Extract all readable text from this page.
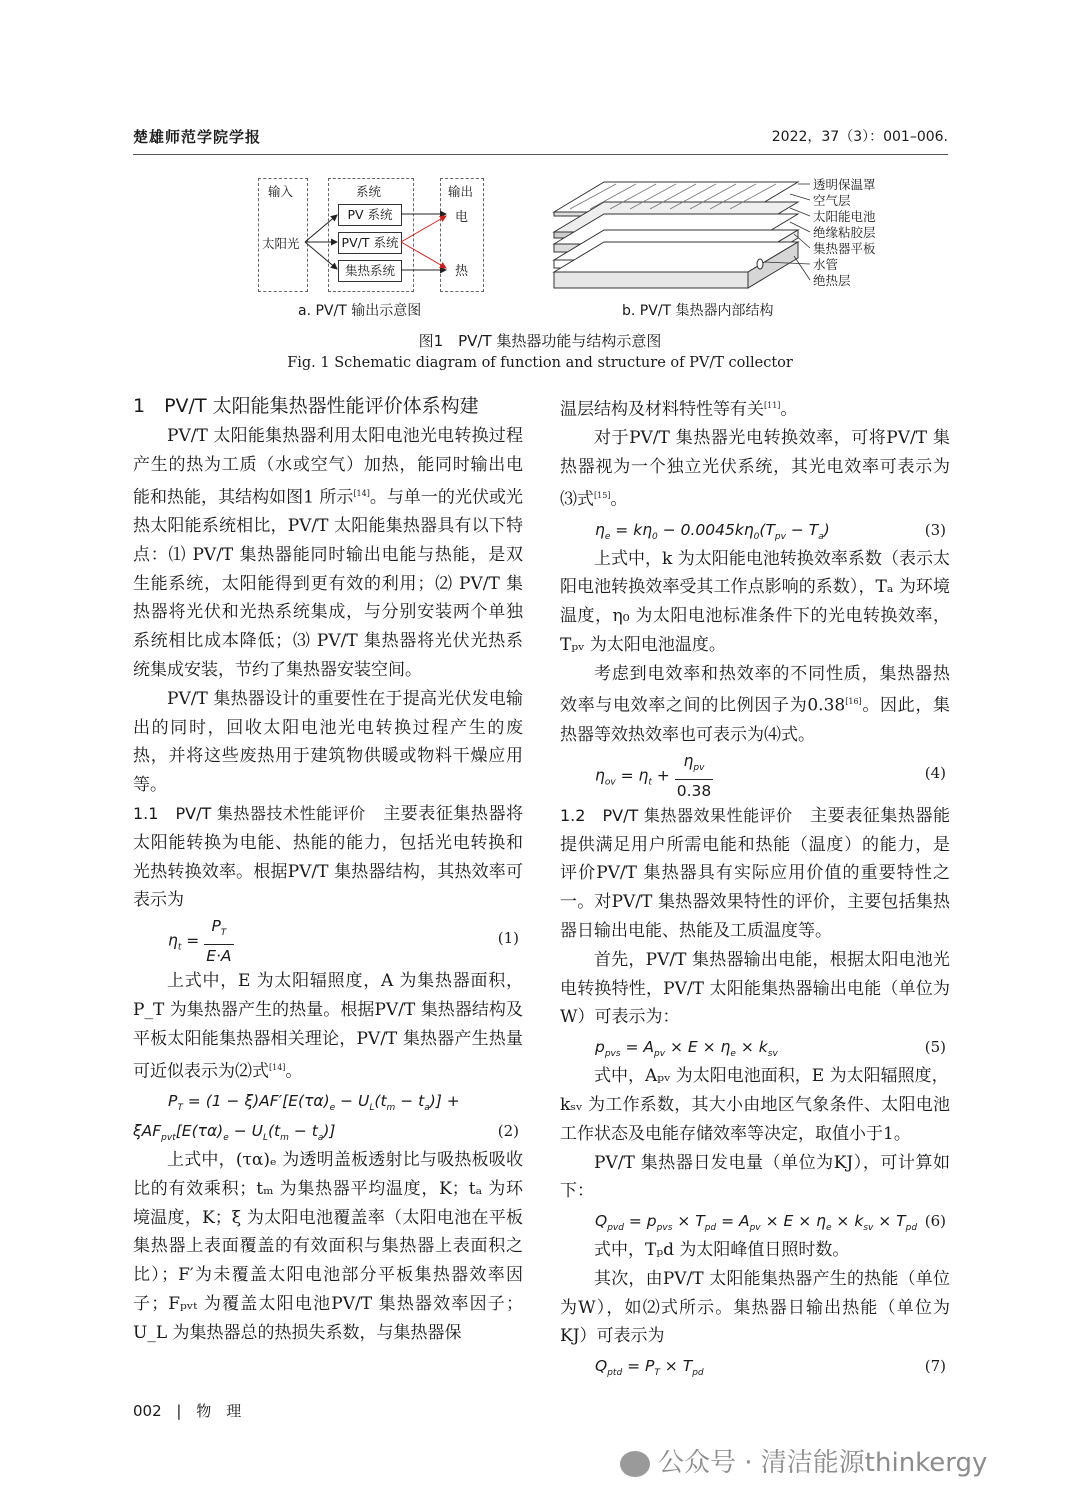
楚雄师范学院学报	2022，37（3）：001–006.
输入	系统	输出
太阳光
PV 系统
PV/T 系统
集热系统
电
热
透明保温罩
空气层
太阳能电池
绝缘粘胶层
集热器平板
水管
绝热层
a. PV/T 输出示意图	b. PV/T 集热器内部结构
图1　PV/T 集热器功能与结构示意图
Fig. 1 Schematic diagram of function and structure of PV/T collector

1　PV/T 太阳能集热器性能评价体系构建

PV/T 太阳能集热器利用太阳电池光电转换过程产生的热为工质（水或空气）加热，能同时输出电能和热能，其结构如图1 所示[14]。与单一的光伏或光热太阳能系统相比，PV/T 太阳能集热器具有以下特点：⑴ PV/T 集热器能同时输出电能与热能，是双生能系统，太阳能得到更有效的利用；⑵ PV/T 集热器将光伏和光热系统集成，与分别安装两个单独系统相比成本降低；⑶ PV/T 集热器将光伏光热系统集成安装，节约了集热器安装空间。

PV/T 集热器设计的重要性在于提高光伏发电输出的同时，回收太阳电池光电转换过程产生的废热，并将这些废热用于建筑物供暖或物料干燥应用等。

1.1　PV/T 集热器技术性能评价　主要表征集热器将太阳能转换为电能、热能的能力，包括光电转换和光热转换效率。根据PV/T 集热器结构，其热效率可表示为

$\eta_t = \frac{P_T}{E\cdot A}$	(1)

上式中，E 为太阳辐照度，A 为集热器面积，P_T 为集热器产生的热量。根据PV/T 集热器结构及平板太阳能集热器相关理论，PV/T 集热器产生热量可近似表示为⑵式[14]。

$P_T = (1 - \xi)AF'[E(\tau\alpha)_e - U_L(t_m - t_a)]$ +
$\xi AF_{pvt}[E(\tau\alpha)_e - U_L(t_m - t_a)]$	(2)

上式中，(τα)ₑ 为透明盖板透射比与吸热板吸收比的有效乘积；tₘ 为集热器平均温度，K；tₐ 为环境温度，K；ξ 为太阳电池覆盖率（太阳电池在平板集热器上表面覆盖的有效面积与集热器上表面积之比）；F′为未覆盖太阳电池部分平板集热器效率因子；Fₚᵥₜ 为覆盖太阳电池PV/T 集热器效率因子；U_L 为集热器总的热损失系数，与集热器保

温层结构及材料特性等有关[11]。

对于PV/T 集热器光电转换效率，可将PV/T 集热器视为一个独立光伏系统，其光电效率可表示为⑶式[15]。

$\eta_e = k\eta_0 - 0.0045k\eta_0(T_{pv} - T_a)$	(3)

上式中，k 为太阳能电池转换效率系数（表示太阳电池转换效率受其工作点影响的系数），Tₐ 为环境温度，η₀ 为太阳电池标准条件下的光电转换效率，Tₚᵥ 为太阳电池温度。

考虑到电效率和热效率的不同性质，集热器热效率与电效率之间的比例因子为0.38[16]。因此，集热器等效热效率也可表示为⑷式。

$\eta_{ov} = \eta_t + \frac{\eta_{pv}}{0.38}$	(4)

1.2　PV/T 集热器效果性能评价　主要表征集热器能提供满足用户所需电能和热能（温度）的能力，是评价PV/T 集热器具有实际应用价值的重要特性之一。对PV/T 集热器效果特性的评价，主要包括集热器日输出电能、热能及工质温度等。

首先，PV/T 集热器输出电能，根据太阳电池光电转换特性，PV/T 太阳能集热器输出电能（单位为W）可表示为：

$p_{pvs} = A_{pv} \times E \times \eta_e \times k_{sv}$	(5)

式中，Aₚᵥ 为太阳电池面积，E 为太阳辐照度，

kₛᵥ 为工作系数，其大小由地区气象条件、太阳电池工作状态及电能存储效率等决定，取值小于1。

PV/T 集热器日发电量（单位为KJ），可计算如下：

$Q_{pvd} = p_{pvs} \times T_{pd} = A_{pv} \times E \times \eta_e \times k_{sv} \times T_{pd}$ (6)

式中，Tₚd 为太阳峰值日照时数。

其次，由PV/T 太阳能集热器产生的热能（单位为W），如⑵式所示。集热器日输出热能（单位为KJ）可表示为

$Q_{ptd} = P_T \times T_{pd}$	(7)
002 | 物　理
公众号 · 清洁能源thinkergy
